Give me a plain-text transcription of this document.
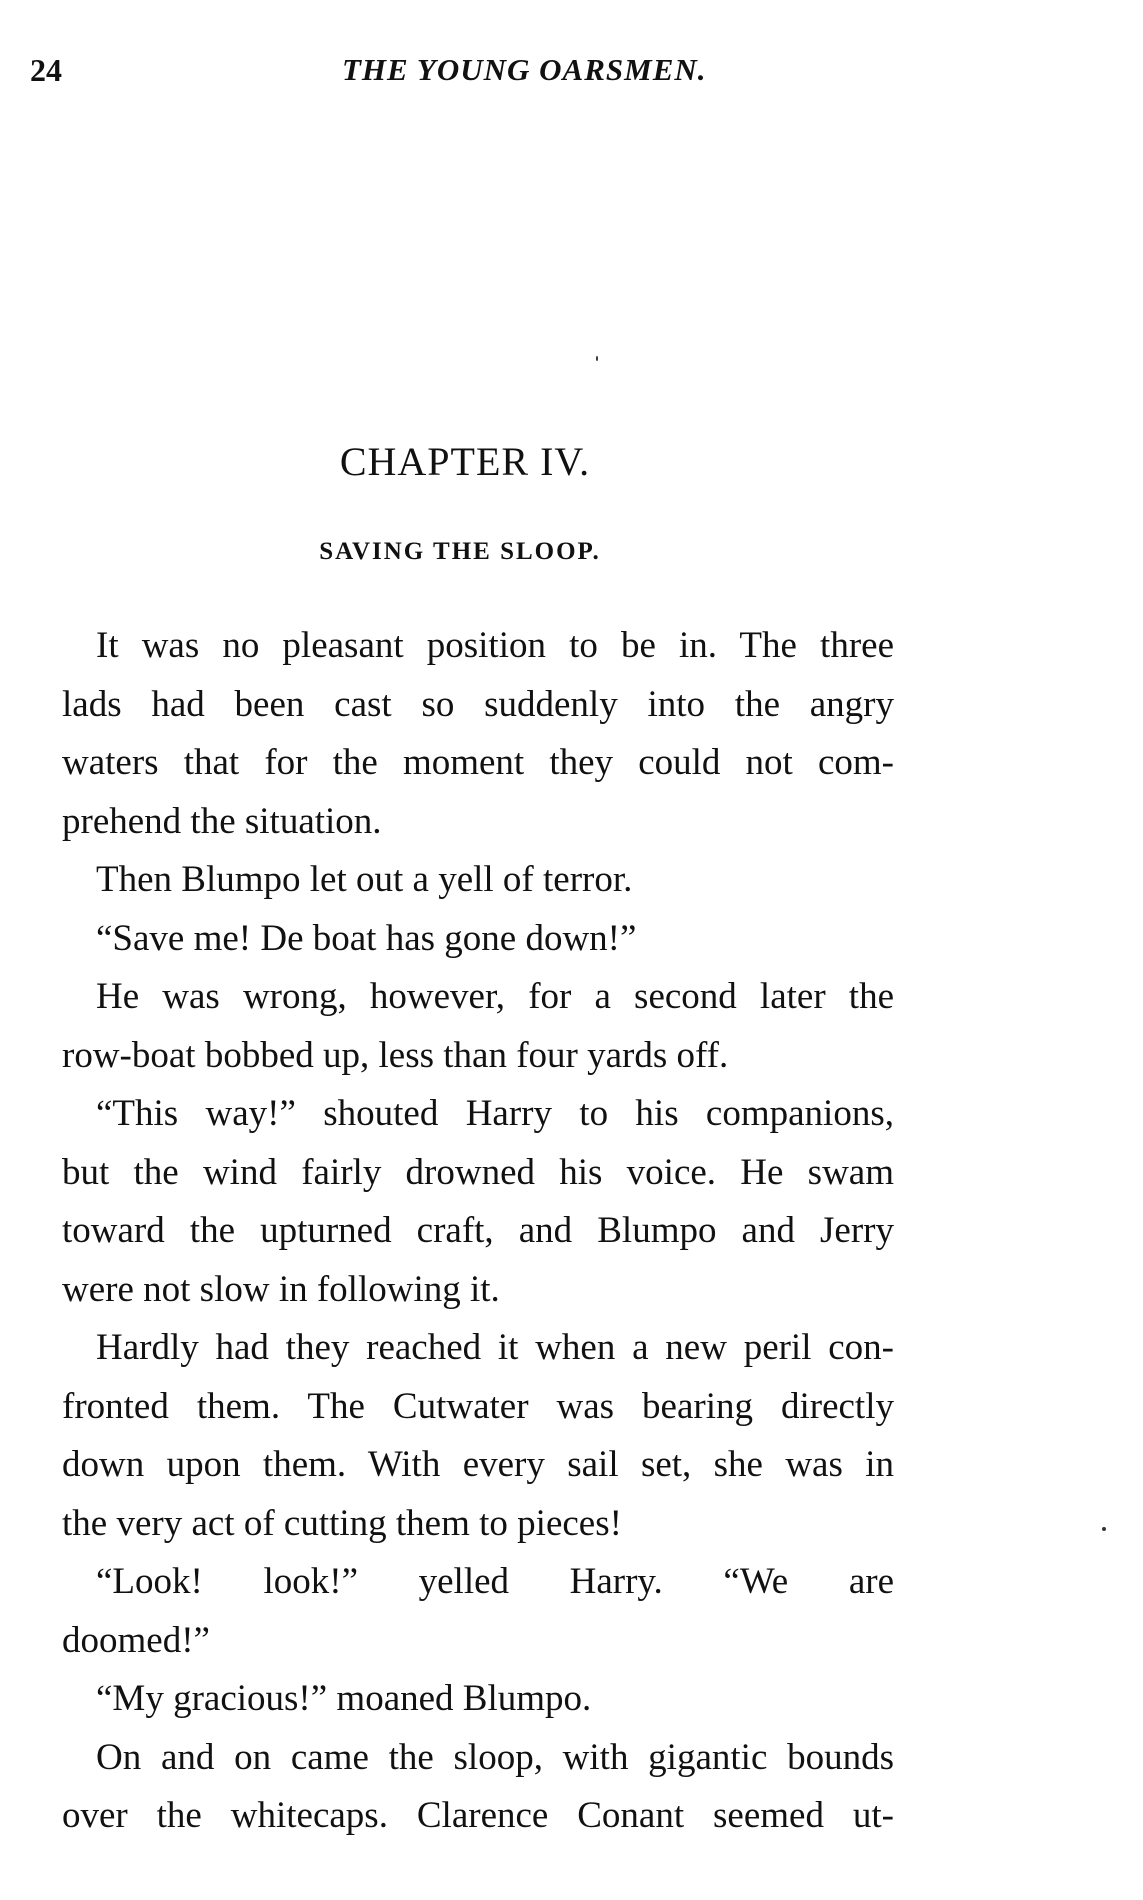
24	THE YOUNG OARSMEN.
CHAPTER IV.
SAVING THE SLOOP.
It was no pleasant position to be in. The three
lads had been cast so suddenly into the angry
waters that for the moment they could not com-
prehend the situation.
Then Blumpo let out a yell of terror.
“Save me! De boat has gone down!”
He was wrong, however, for a second later the
row-boat bobbed up, less than four yards off.
“This way!” shouted Harry to his companions,
but the wind fairly drowned his voice. He swam
toward the upturned craft, and Blumpo and Jerry
were not slow in following it.
Hardly had they reached it when a new peril con-
fronted them. The Cutwater was bearing directly
down upon them. With every sail set, she was in
the very act of cutting them to pieces!
“Look! look!” yelled Harry. “We are
doomed!”
“My gracious!” moaned Blumpo.
On and on came the sloop, with gigantic bounds
over the whitecaps. Clarence Conant seemed ut-
